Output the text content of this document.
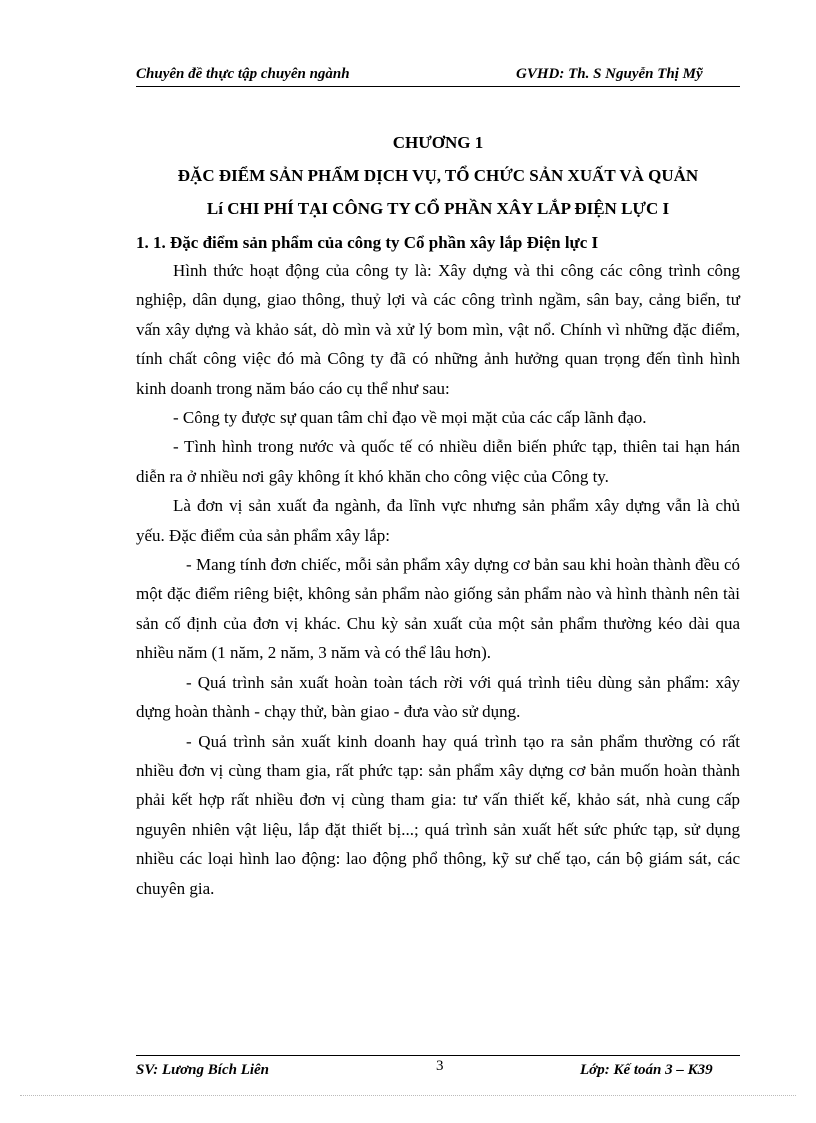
Chuyên đề thực tập chuyên ngành	GVHD: Th. S Nguyễn Thị Mỹ
CHƯƠNG 1
ĐẶC ĐIỂM SẢN PHẨM DỊCH VỤ, TỔ CHỨC SẢN XUẤT VÀ QUẢN
Lí CHI PHÍ TẠI CÔNG TY CỔ PHẦN XÂY LẮP ĐIỆN LỰC I
1. 1. Đặc điểm sản phẩm của công ty Cổ phần xây lắp Điện lực I

Hình thức hoạt động của công ty là: Xây dựng và thi công các công trình công nghiệp, dân dụng, giao thông, thuỷ lợi và các công trình ngầm, sân bay, cảng biển, tư vấn xây dựng và khảo sát, dò mìn và xử lý bom mìn, vật nổ. Chính vì những đặc điểm, tính chất công việc đó mà Công ty đã có những ảnh hưởng quan trọng đến tình hình kinh doanh trong năm báo cáo cụ thể như sau:

- Công ty được sự quan tâm chỉ đạo về mọi mặt của các cấp lãnh đạo.

- Tình hình trong nước và quốc tế có nhiều diễn biến phức tạp, thiên tai hạn hán diễn ra ở nhiều nơi gây không ít khó khăn cho công việc của Công ty.

Là đơn vị sản xuất đa ngành, đa lĩnh vực nhưng sản phẩm xây dựng vẫn là chủ yếu. Đặc điểm của sản phẩm xây lắp:

- Mang tính đơn chiếc, mỗi sản phẩm xây dựng cơ bản sau khi hoàn thành đều có một đặc điểm riêng biệt, không sản phẩm nào giống sản phẩm nào và hình thành nên tài sản cố định của đơn vị khác. Chu kỳ sản xuất của một sản phẩm thường kéo dài qua nhiều năm (1 năm, 2 năm, 3 năm và có thể lâu hơn).

- Quá trình sản xuất hoàn toàn tách rời với quá trình tiêu dùng sản phẩm: xây dựng hoàn thành - chạy thử, bàn giao - đưa vào sử dụng.

- Quá trình sản xuất kinh doanh hay quá trình tạo ra sản phẩm thường có rất nhiều đơn vị cùng tham gia, rất phức tạp: sản phẩm xây dựng cơ bản muốn hoàn thành phải kết hợp rất nhiều đơn vị cùng tham gia: tư vấn thiết kế, khảo sát, nhà cung cấp nguyên nhiên vật liệu, lắp đặt thiết bị...; quá trình sản xuất hết sức phức tạp, sử dụng nhiều các loại hình lao động: lao động phổ thông, kỹ sư chế tạo, cán bộ giám sát, các chuyên gia.

SV: Lương Bích Liên	3	Lớp: Kế toán 3 – K39
